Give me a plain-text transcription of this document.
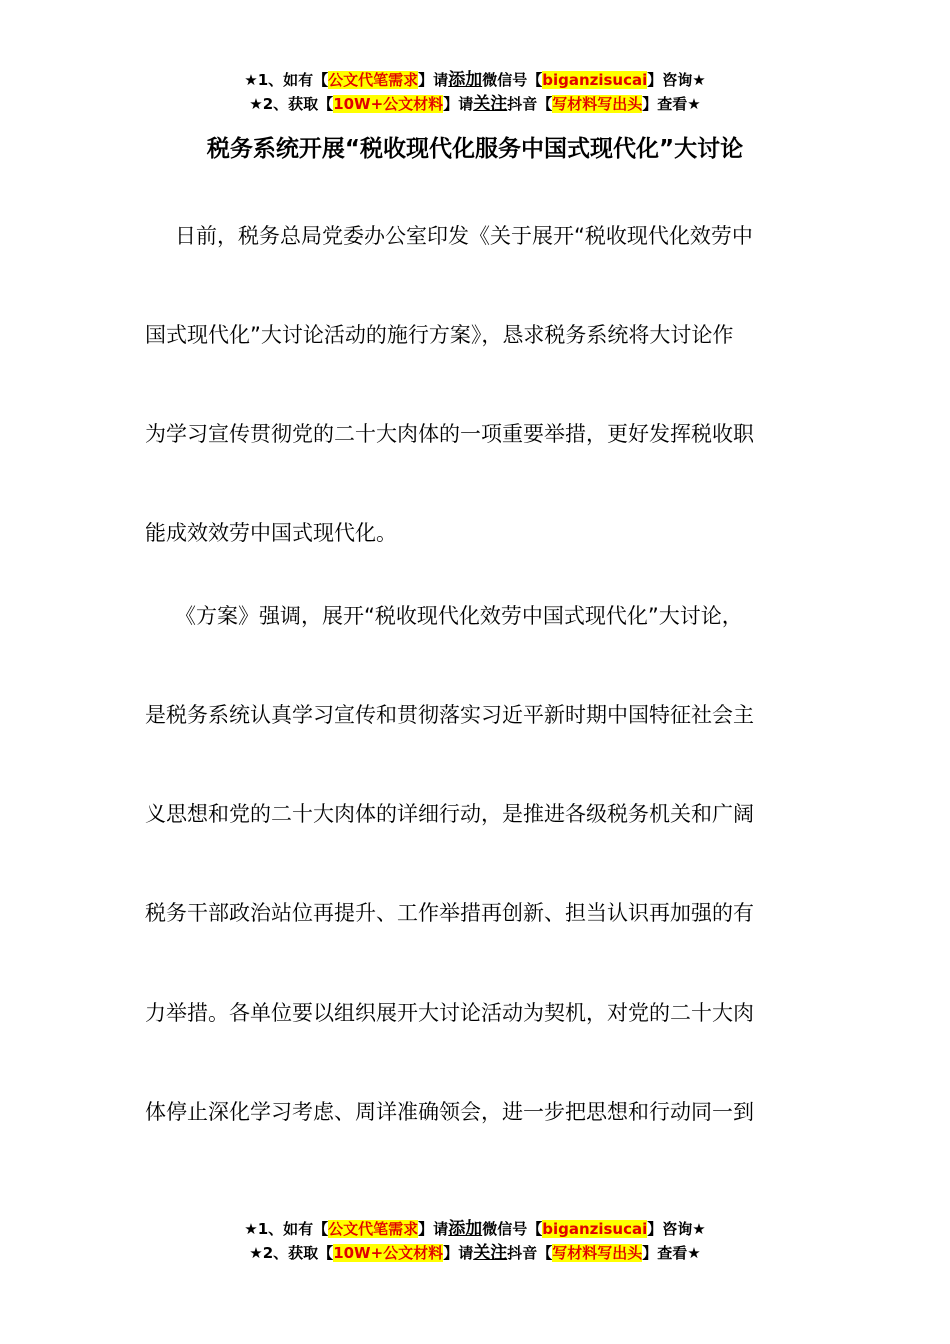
★1、如有【公文代笔需求】请添加微信号【biganzisucai】咨询★
★2、获取【10W+公文材料】请关注抖音【写材料写出头】查看★
税务系统开展“税收现代化服务中国式现代化”大讨论
日前，税务总局党委办公室印发《关于展开“税收现代化效劳中
国式现代化”大讨论活动的施行方案》，恳求税务系统将大讨论作
为学习宣传贯彻党的二十大肉体的一项重要举措，更好发挥税收职
能成效效劳中国式现代化。
《方案》强调，展开“税收现代化效劳中国式现代化”大讨论，
是税务系统认真学习宣传和贯彻落实习近平新时期中国特征社会主
义思想和党的二十大肉体的详细行动，是推进各级税务机关和广阔
税务干部政治站位再提升、工作举措再创新、担当认识再加强的有
力举措。各单位要以组织展开大讨论活动为契机，对党的二十大肉
体停止深化学习考虑、周详准确领会，进一步把思想和行动同一到
★1、如有【公文代笔需求】请添加微信号【biganzisucai】咨询★
★2、获取【10W+公文材料】请关注抖音【写材料写出头】查看★
